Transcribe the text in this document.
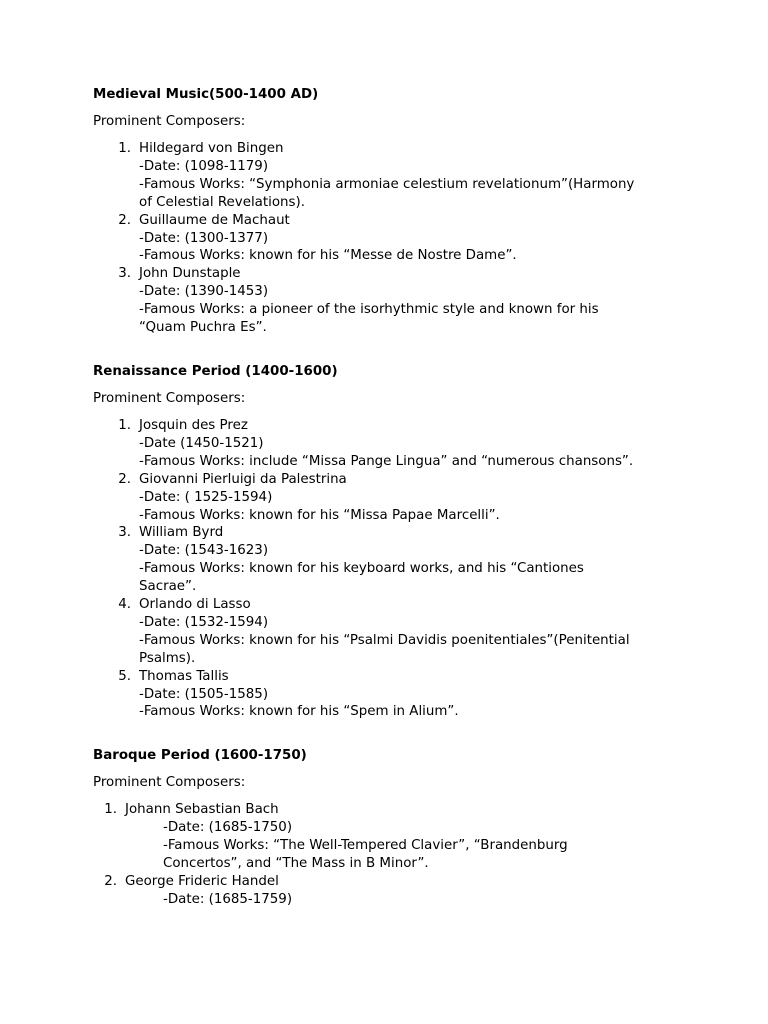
Medieval Music(500-1400 AD)
Prominent Composers:
1. Hildegard von Bingen
-Date: (1098-1179)
-Famous Works: “Symphonia armoniae celestium revelationum”(Harmony
of Celestial Revelations).
2. Guillaume de Machaut
-Date: (1300-1377)
-Famous Works: known for his “Messe de Nostre Dame”.
3. John Dunstaple
-Date: (1390-1453)
-Famous Works: a pioneer of the isorhythmic style and known for his
“Quam Puchra Es”.
Renaissance Period (1400-1600)
Prominent Composers:
1. Josquin des Prez
-Date (1450-1521)
-Famous Works: include “Missa Pange Lingua” and “numerous chansons”.
2. Giovanni Pierluigi da Palestrina
-Date: ( 1525-1594)
-Famous Works: known for his “Missa Papae Marcelli”.
3. William Byrd
-Date: (1543-1623)
-Famous Works: known for his keyboard works, and his “Cantiones
Sacrae”.
4. Orlando di Lasso
-Date: (1532-1594)
-Famous Works: known for his “Psalmi Davidis poenitentiales”(Penitential
Psalms).
5. Thomas Tallis
-Date: (1505-1585)
-Famous Works: known for his “Spem in Alium”.
Baroque Period (1600-1750)
Prominent Composers:
1. Johann Sebastian Bach
-Date: (1685-1750)
-Famous Works: “The Well-Tempered Clavier”, “Brandenburg
Concertos”, and “The Mass in B Minor”.
2. George Frideric Handel
-Date: (1685-1759)
